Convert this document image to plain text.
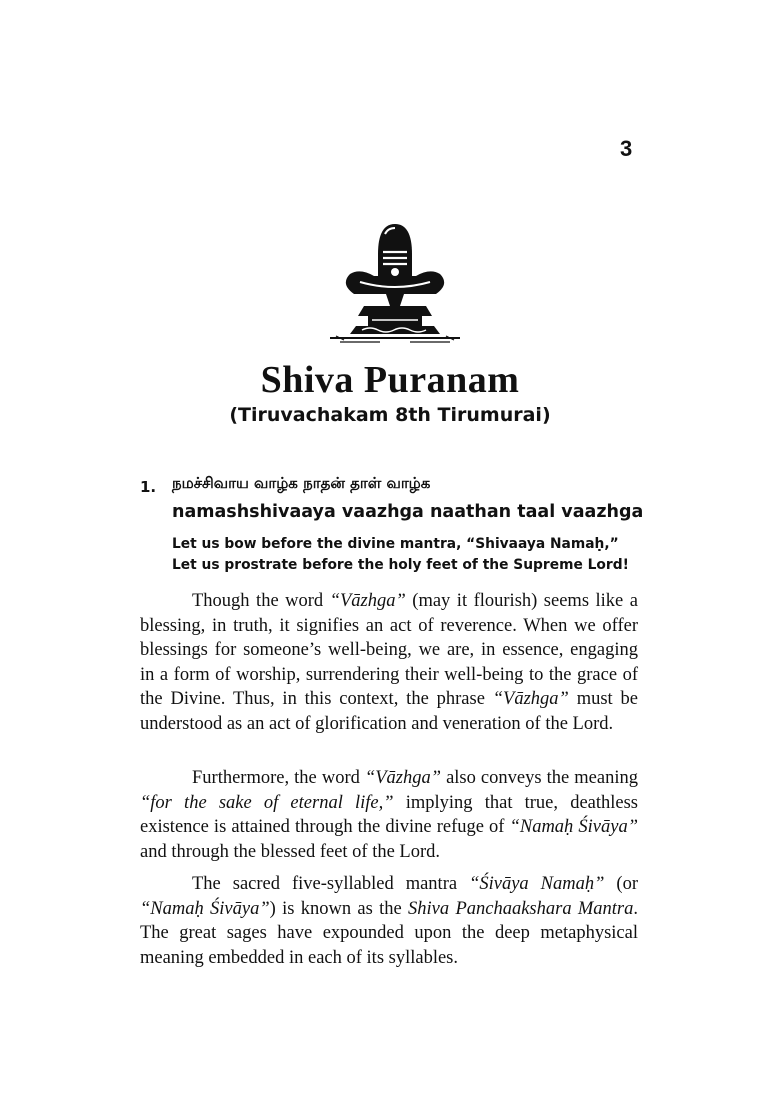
3
Shiva Puranam
(Tiruvachakam 8th Tirumurai)
1. நமச்சிவாய வாழ்க நாதன் தாள் வாழ்க
namashshivaaya vaazhga naathan taal vaazhga
Let us bow before the divine mantra, “Shivaaya Namaḥ,” Let us prostrate before the holy feet of the Supreme Lord!

Though the word “Vāzhga” (may it flourish) seems like a blessing, in truth, it signifies an act of reverence. When we offer blessings for someone’s well-being, we are, in essence, engaging in a form of worship, surrendering their well-being to the grace of the Divine. Thus, in this context, the phrase “Vāzhga” must be understood as an act of glorification and veneration of the Lord.

Furthermore, the word “Vāzhga” also conveys the meaning “for the sake of eternal life,” implying that true, deathless existence is attained through the divine refuge of “Namaḥ Śivāya” and through the blessed feet of the Lord.

The sacred five-syllabled mantra “Śivāya Namaḥ” (or “Namaḥ Śivāya”) is known as the Shiva Panchaakshara Mantra. The great sages have expounded upon the deep metaphysical meaning embedded in each of its syllables.
